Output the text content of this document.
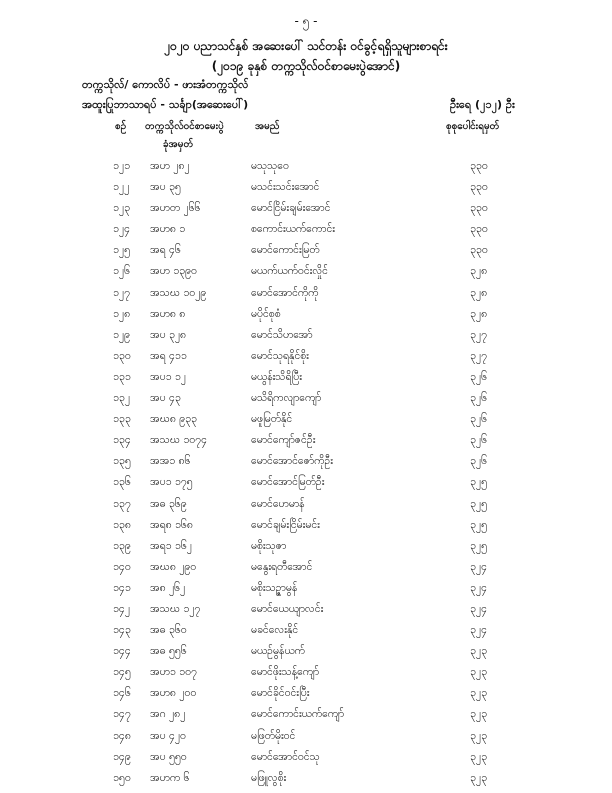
- ၅ -
၂၀၂၀ ပညာသင်နှစ် အဆေးပေါ် သင်တန်း ဝင်ခွင့်ရရှိသူများစာရင်း
(၂၀၁၉ ခုနှစ် တက္ကသိုလ်ဝင်စာမေးပွဲအောင်)
တက္ကသိုလ်/ ကောလိပ် - ဖားအံတက္ကသိုလ်
အထူးပြုဘာသာရပ် - သင်္ချာ(အဆေးပေါ်)	ဦးရေ (၂၁၂) ဦး
စဉ် တက္ကသိုလ်ဝင်စာမေးပွဲ
ခုံအမှတ်
အမည်	စုစုပေါင်းရမှတ်
၁၂၁ အဟ ၂၈၂	မသုသုဝေ	၃၃၀
၁၂၂ အပ ၃၅	မသင်းသင်းအောင်	၃၃၀
၁၂၃ အဟတ ၂၆၆	မောင်ငြိမ်းချမ်းအောင်	၃၃၀
၁၂၄ အဟ၈ ၁	စကောင်းယက်ကောင်း	၃၃၀
၁၂၅ အရ ၄၆	မောင်ကောင်းမြတ်	၃၃၀
၁၂၆ အဟ ၁၃၉၀	မယက်ယက်ဝင်းလှိုင်	၃၂၈
၁၂၇ အသဃ ၁၀၂၉	မောင်အောင်ကိုကို	၃၂၈
၁၂၈ အဟ၈ ၈	မပိုင်စုစံ	၃၂၈
၁၂၉ အပ ၃၂၈	မောင်သိဟအော်	၃၂၇
၁၃၀ အရ ၄၁၁	မောင်သုရနိုင်စိုး	၃၂၇
၁၃၁ အပ၁ ၁၂	မယွန်းသိရိပြီး	၃၂၆
၁၃၂ အပ ၄၃	မသိရိကလျာကျော်	၃၂၆
၁၃၃ အဃ၈ ၉၃၃	မဖူမြတ်နိုင်	၃၂၆
၁၃၄ အသဃ ၁၀၇၄	မောင်ကျော်ဇင်ဦး	၃၂၆
၁၃၅ အအ၁ ၈၆	မောင်အောင်ဇော်ကိုဦး	၃၂၆
၁၃၆ အပ၁ ၁၇၅	မောင်အောင်မြတ်ဦး	၃၂၅
၁၃၇ အဓ ၃၆၉	မောင်ဟေမာန်	၃၂၅
၁၃၈ အရ၈ ၁၆၈	မောင်ချမ်းငြိမ်းမင်း	၃၂၅
၁၃၉ အရ၁ ၁၆၂	မစိုးသုဇာ	၃၂၅
၁၄၀ အဃ၈ ၂၉၀	မနွေးရတီအောင်	၃၂၄
၁၄၁ အ၈ ၂၆၂	မစိုးသဉ္ဇာမွန်	၃၂၄
၁၄၂ အသဃ ၁၂၇	မောင်ယေယျာလင်း	၃၂၄
၁၄၃ အဓ ၃၆၀	မခင်လေးနိုင်	၃၂၄
၁၄၄ အဓ ၅၅၆	မယဥ်မွန်ယက်	၃၂၃
၁၄၅ အဟ၁ ၁၀၇	မောင်ဖိုးသန့်ကျော်	၃၂၃
၁၄၆ အဟ၈ ၂၀၀	မောင်ခိုင်ဝင်းပြီး	၃၂၃
၁၄၇ အဂ ၂၈၂	မောင်ကောင်းယက်ကျော်	၃၂၃
၁၄၈ အပ ၄၂၀	မဖြတ်မိုးဝင်	၃၂၃
၁၄၉ အပ ၅၅၀	မောင်အောင်ဝင်သု	၃၂၃
၁၅၀ အဟက ၆	မဖြူလွစိုး	၃၂၃
